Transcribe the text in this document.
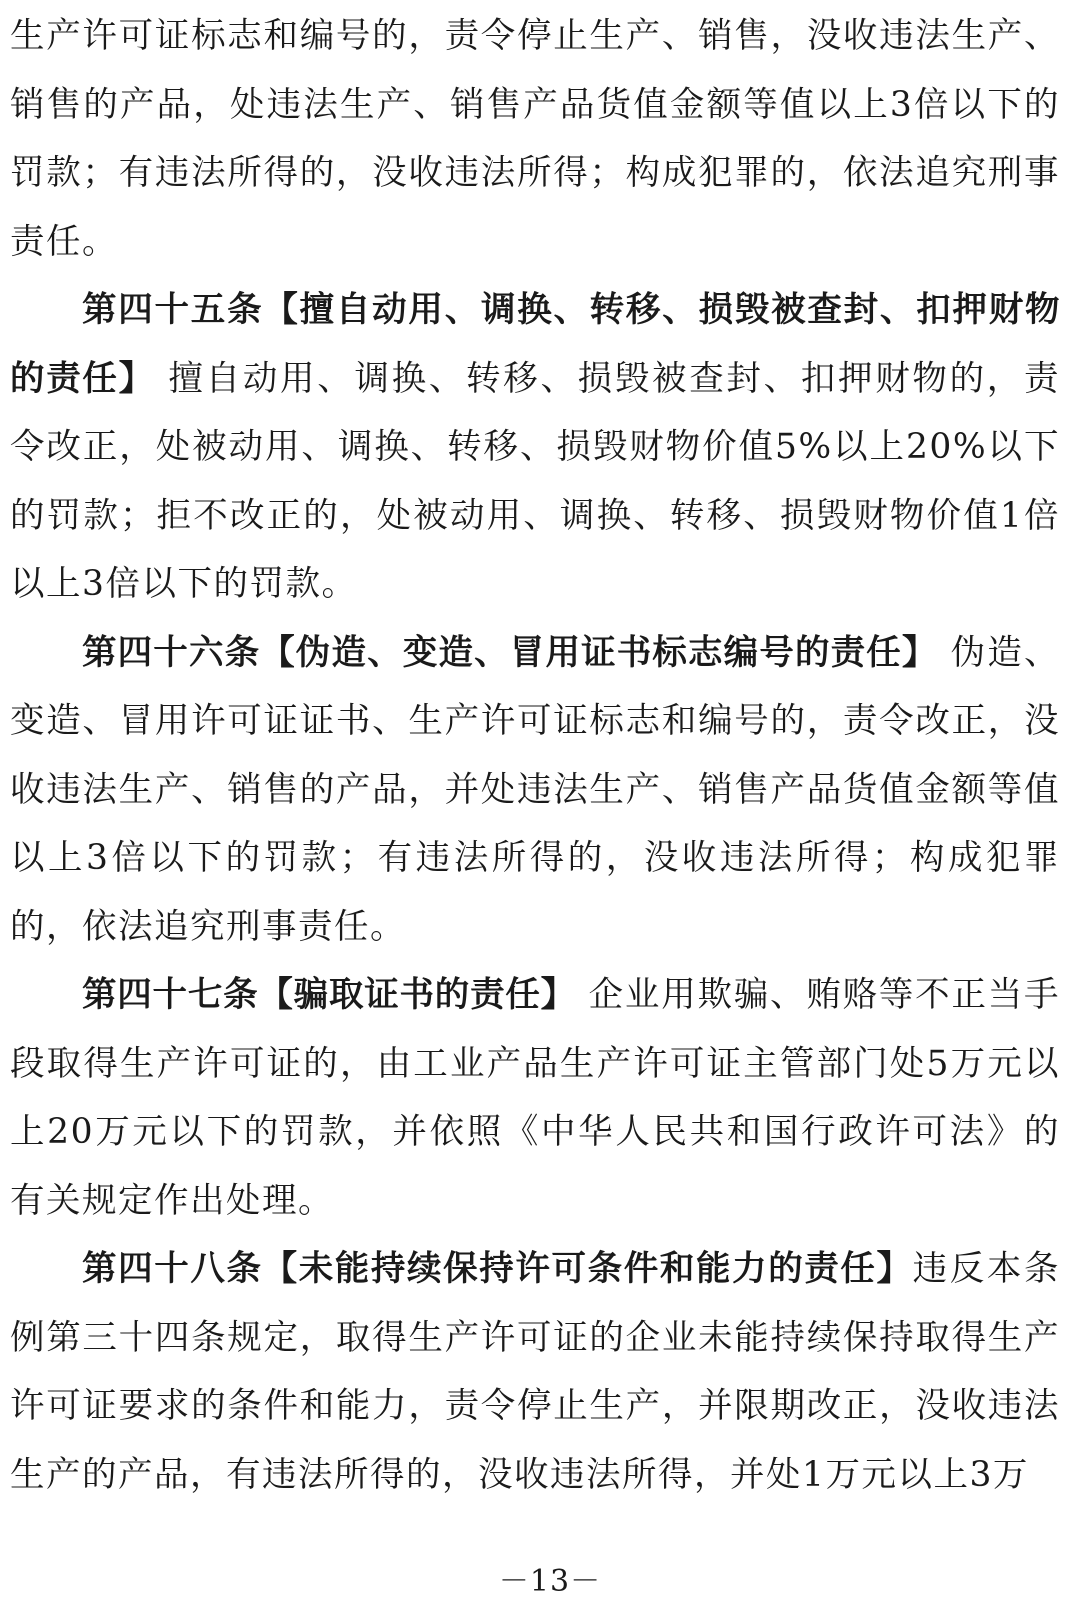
生产许可证标志和编号的，责令停止生产、销售，没收违法生产、销售的产品，处违法生产、销售产品货值金额等值以上3倍以下的罚款；有违法所得的，没收违法所得；构成犯罪的，依法追究刑事责任。

第四十五条【擅自动用、调换、转移、损毁被查封、扣押财物的责任】 擅自动用、调换、转移、损毁被查封、扣押财物的，责令改正，处被动用、调换、转移、损毁财物价值5%以上20%以下的罚款；拒不改正的，处被动用、调换、转移、损毁财物价值1倍以上3倍以下的罚款。

第四十六条【伪造、变造、冒用证书标志编号的责任】 伪造、变造、冒用许可证证书、生产许可证标志和编号的，责令改正，没收违法生产、销售的产品，并处违法生产、销售产品货值金额等值以上3倍以下的罚款；有违法所得的，没收违法所得；构成犯罪的，依法追究刑事责任。

第四十七条【骗取证书的责任】 企业用欺骗、贿赂等不正当手段取得生产许可证的，由工业产品生产许可证主管部门处5万元以上20万元以下的罚款，并依照《中华人民共和国行政许可法》的有关规定作出处理。

第四十八条【未能持续保持许可条件和能力的责任】违反本条例第三十四条规定，取得生产许可证的企业未能持续保持取得生产许可证要求的条件和能力，责令停止生产，并限期改正，没收违法生产的产品，有违法所得的，没收违法所得，并处1万元以上3万

－13－
